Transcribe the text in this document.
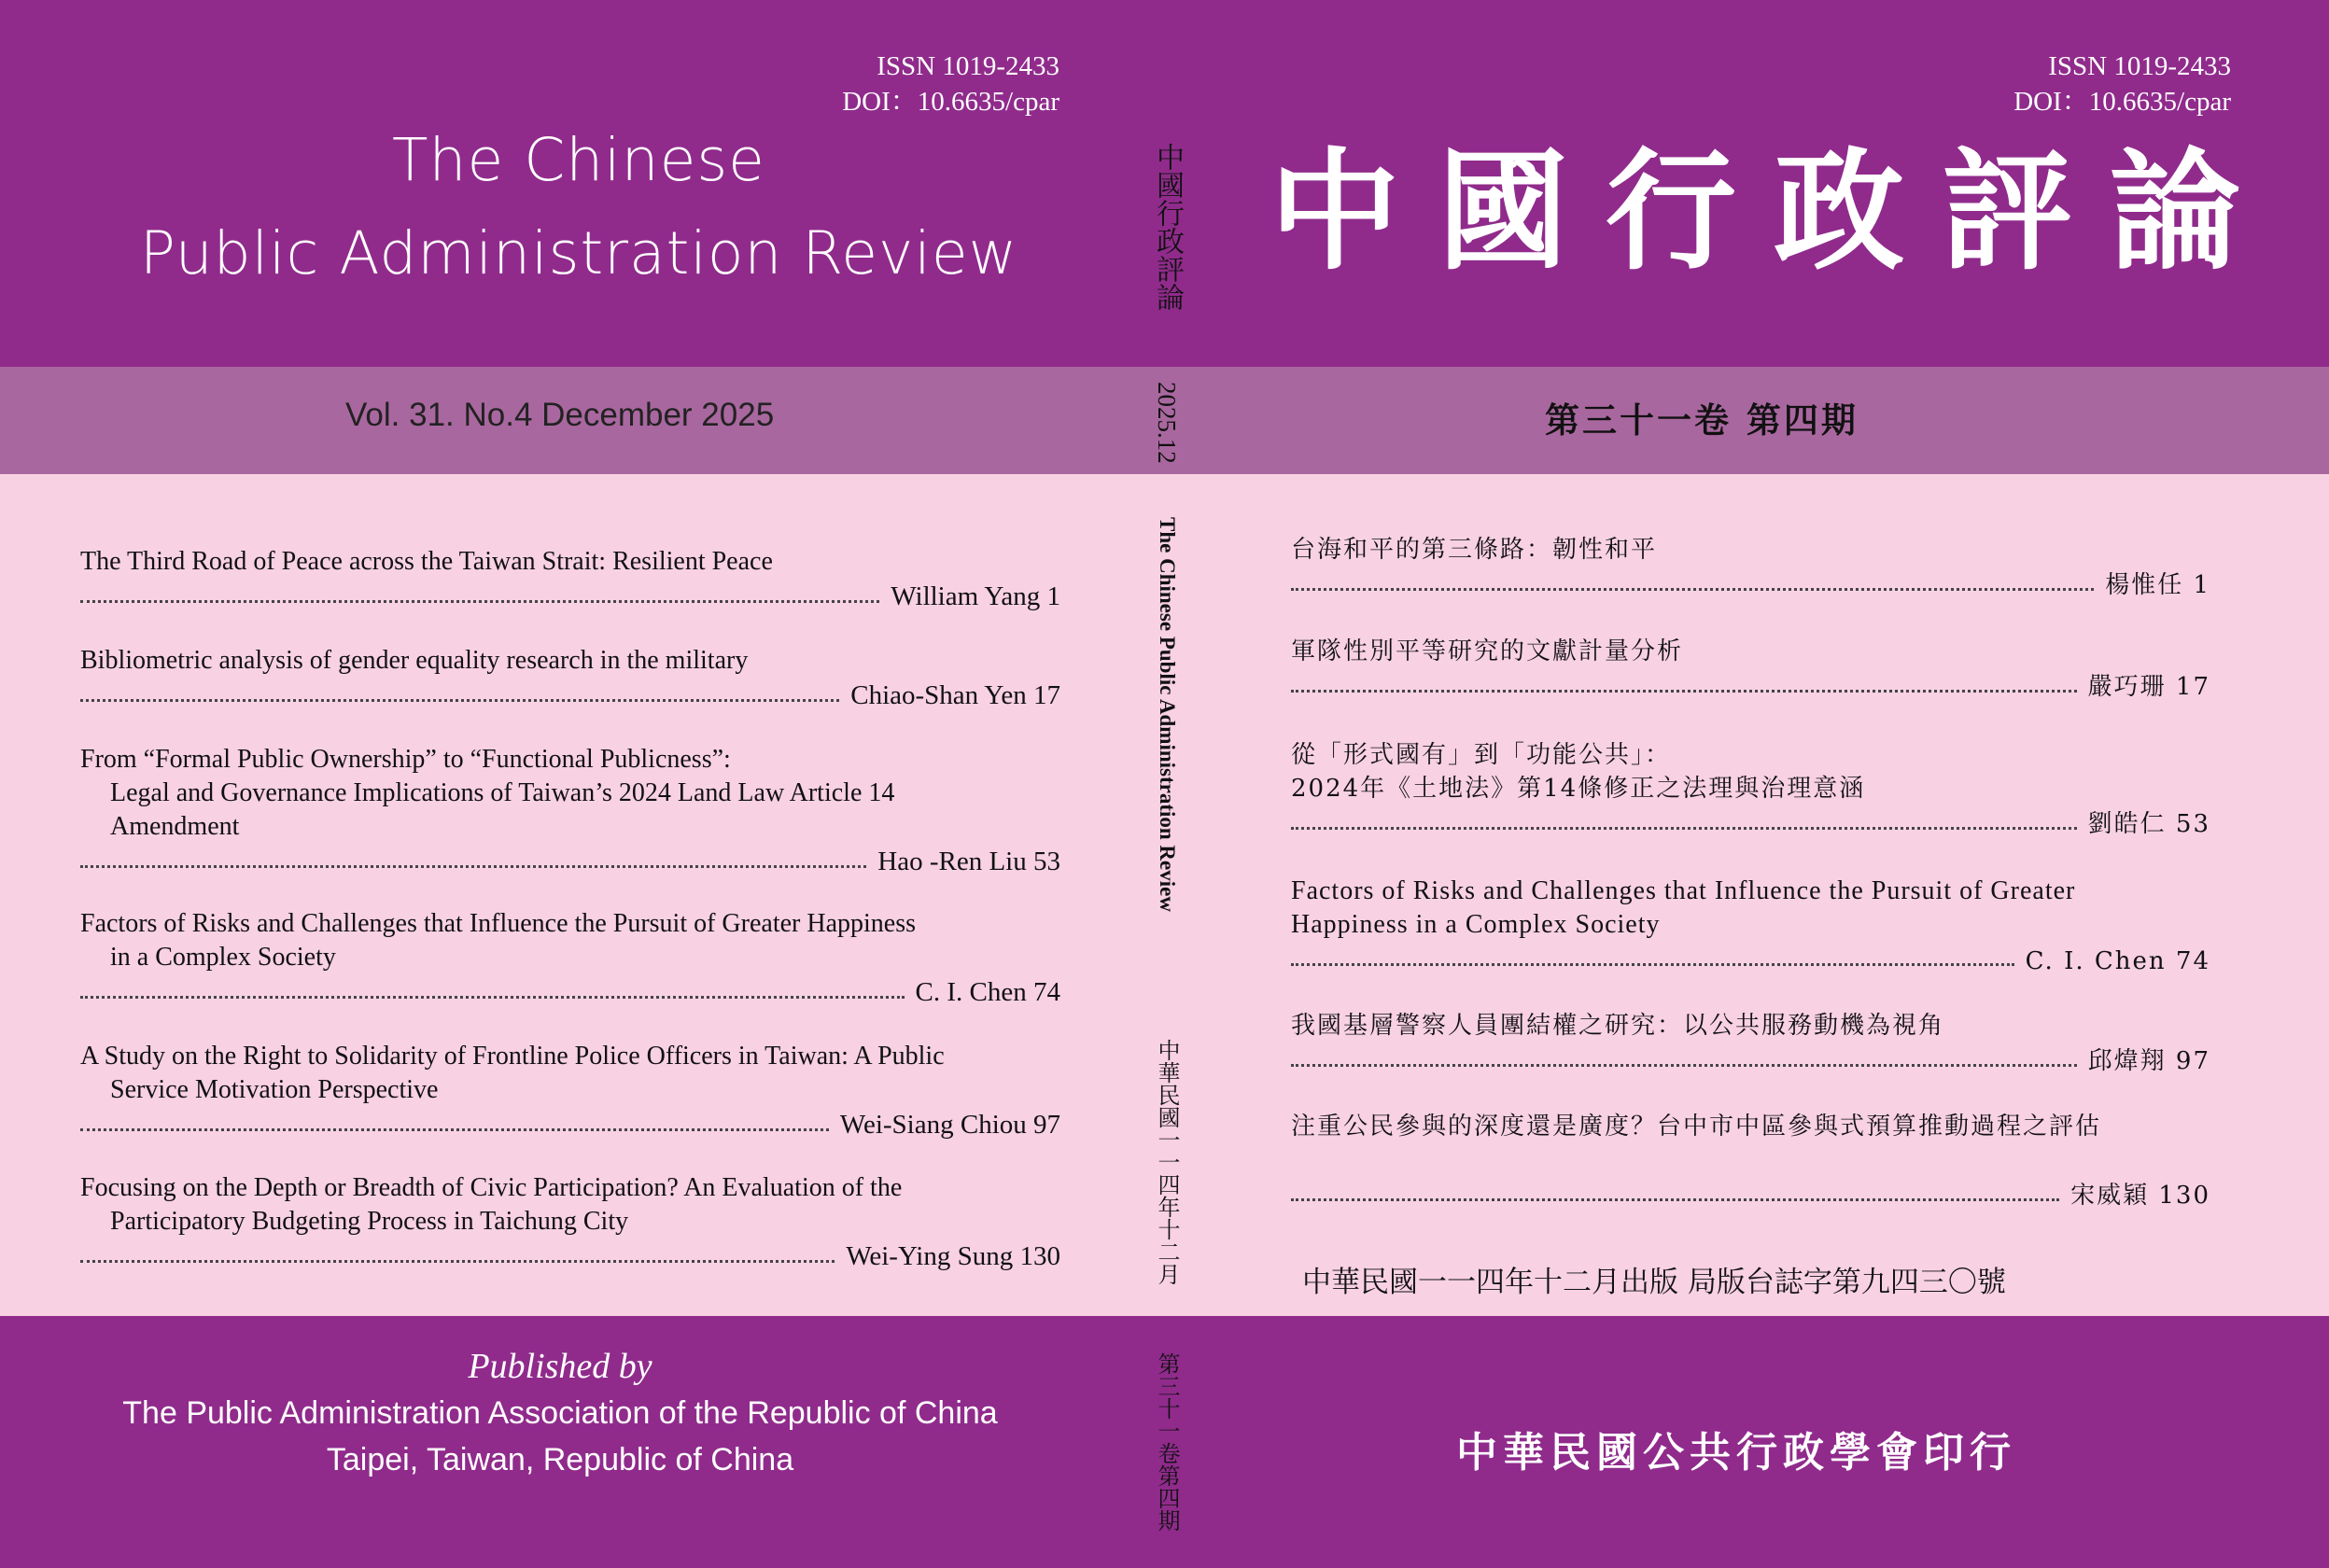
ISSN 1019-2433
DOI：10.6635/cpar
The Chinese
Public Administration Review
Vol. 31. No.4 December 2025
The Third Road of Peace across the Taiwan Strait: Resilient Peace
William Yang 1
Bibliometric analysis of gender equality research in the military
Chiao-Shan Yen 17
From “Formal Public Ownership” to “Functional Publicness”:
Legal and Governance Implications of Taiwan’s 2024 Land Law Article 14
Amendment
Hao -Ren Liu 53
Factors of Risks and Challenges that Influence the Pursuit of Greater Happiness
in a Complex Society
C. I. Chen 74
A Study on the Right to Solidarity of Frontline Police Officers in Taiwan: A Public
Service Motivation Perspective
Wei-Siang Chiou 97
Focusing on the Depth or Breadth of Civic Participation? An Evaluation of the
Participatory Budgeting Process in Taichung City
Wei-Ying Sung 130
Published by
The Public Administration Association of the Republic of China
Taipei, Taiwan, Republic of China
中國行政評論
2025.12
The Chinese Public Administration Review
中華民國一一四年十二月
第三十一卷第四期
ISSN 1019-2433
DOI：10.6635/cpar
中國行政評論
第三十一卷 第四期
台海和平的第三條路：韌性和平
楊惟任 1
軍隊性別平等研究的文獻計量分析
嚴巧珊 17
從「形式國有」到「功能公共」：
2024年《土地法》第14條修正之法理與治理意涵
劉皓仁 53
Factors of Risks and Challenges that Influence the Pursuit of Greater
Happiness in a Complex Society
C. I. Chen 74
我國基層警察人員團結權之研究：以公共服務動機為視角
邱煒翔 97
注重公民參與的深度還是廣度？台中市中區參與式預算推動過程之評估
宋威穎 130
中華民國一一四年十二月出版 局版台誌字第九四三〇號
中華民國公共行政學會印行
